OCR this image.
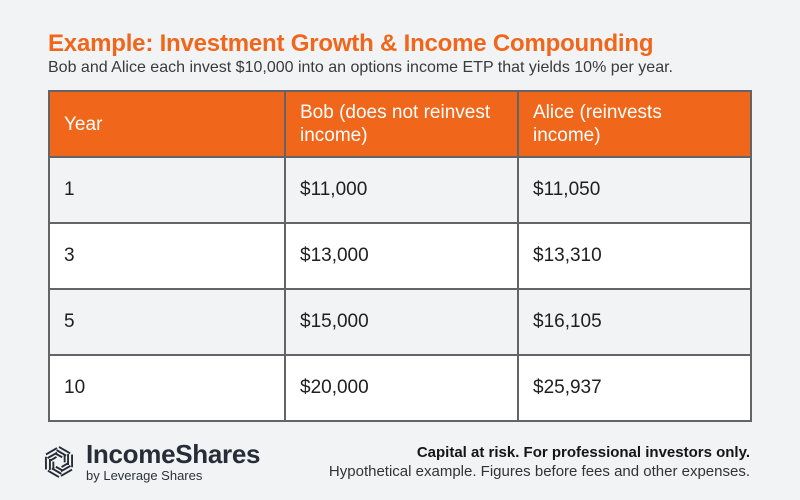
Example: Investment Growth & Income Compounding
Bob and Alice each invest $10,000 into an options income ETP that yields 10% per year.
Year	Bob (does not reinvest income)	Alice (reinvests income)
1	$11,000	$11,050
3	$13,000	$13,310
5	$15,000	$16,105
10	$20,000	$25,937
IncomeShares
by Leverage Shares
Capital at risk. For professional investors only.
Hypothetical example. Figures before fees and other expenses.
